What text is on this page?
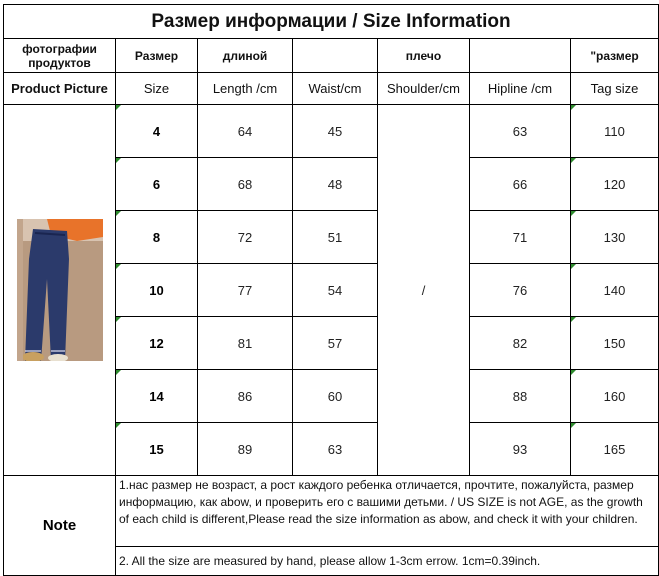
Размер информации / Size Information						
фотографии продуктов	Размер	длиной		плечо		"размер
Product Picture	Size	Length /cm	Waist/cm	Shoulder/cm	Hipline /cm	Tag size

4	64	45	/	63	110

6	68	48		66	120

8	72	51		71	130

10	77	54		76	140

12	81	57		82	150

14	86	60		88	160

15	89	63		93	165
Note	1.нас размер не возраст, а рост каждого ребенка отличается, прочтите, пожалуйста, размер информацию, как abow, и проверить его с вашими детьми. / US SIZE is not AGE, as the growth of each child is different,Please read the size information as abow, and check it with your children.					
	2. All the size are measured by hand, please allow 1-3cm errow. 1cm=0.39inch.					
